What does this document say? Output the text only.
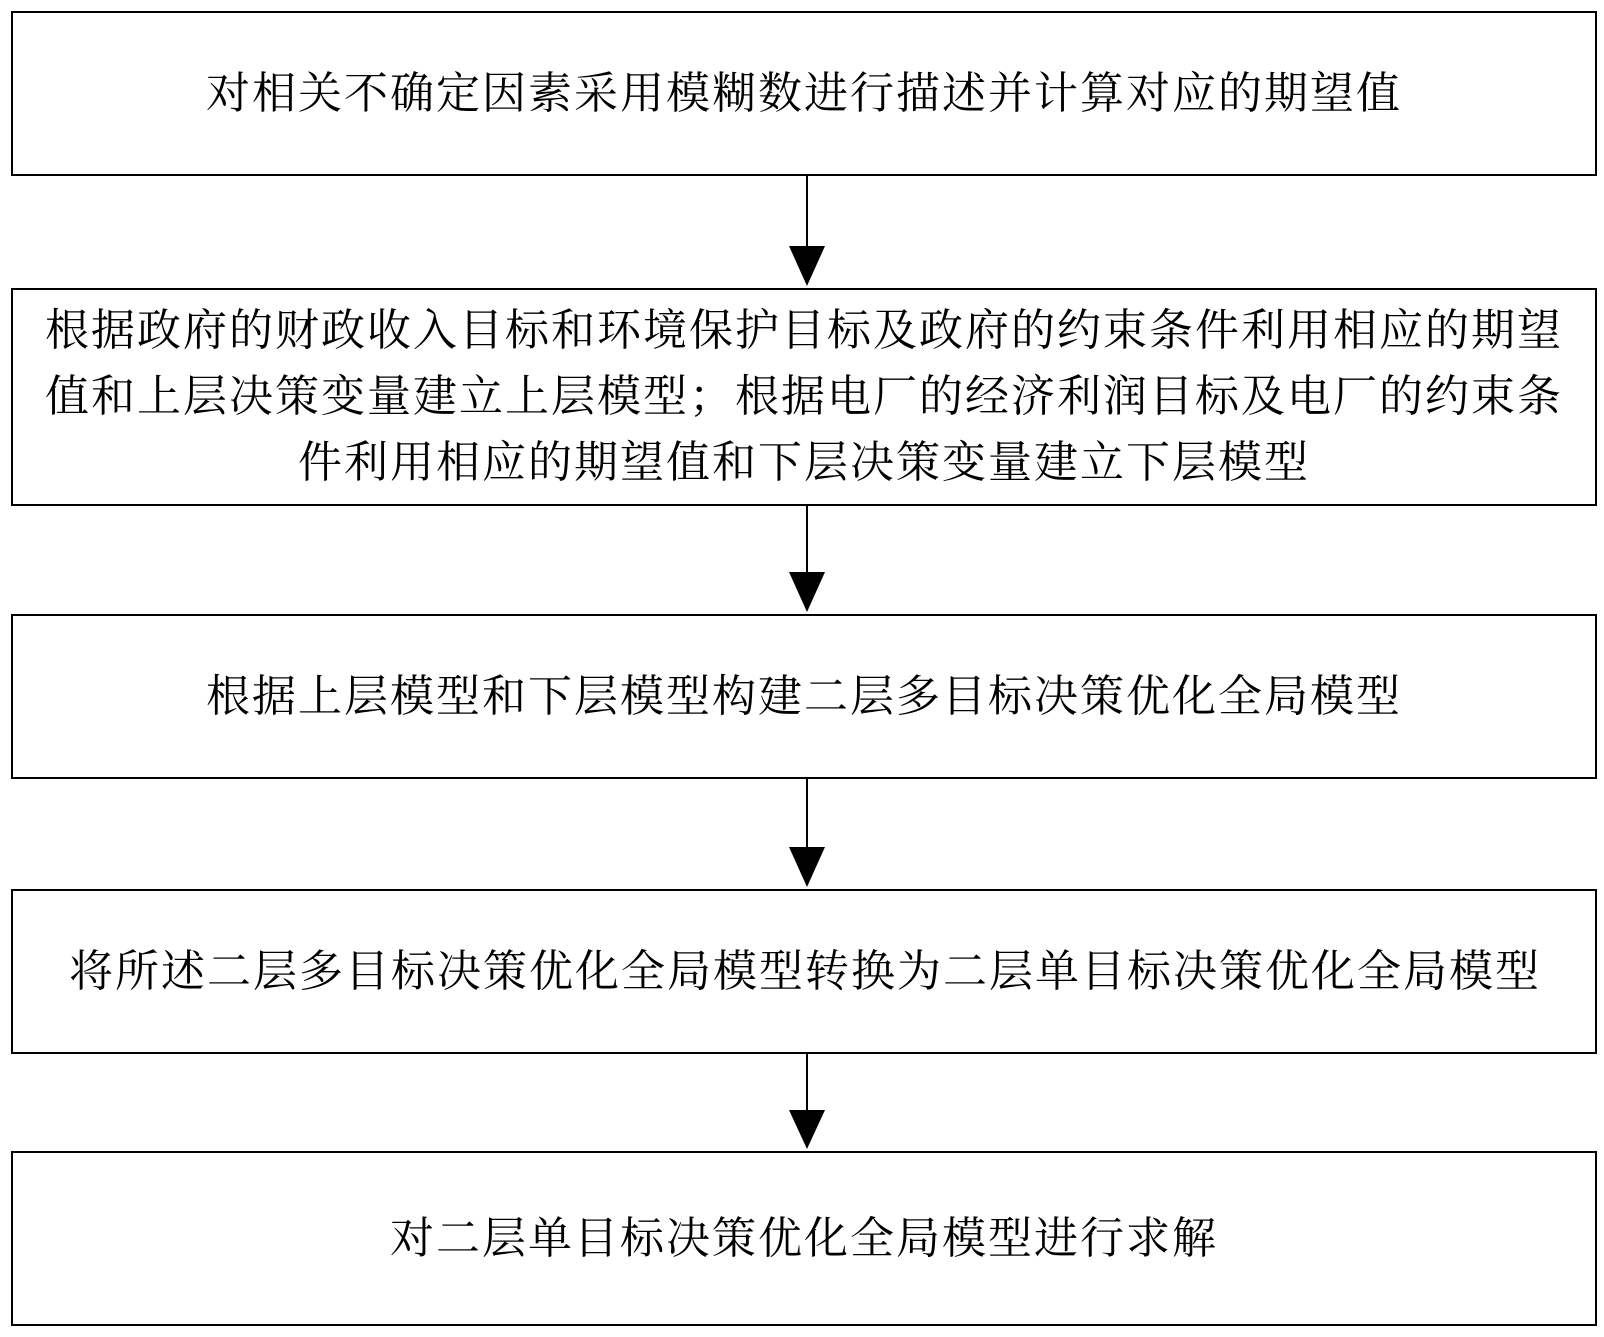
对相关不确定因素采用模糊数进行描述并计算对应的期望值
根据政府的财政收入目标和环境保护目标及政府的约束条件利用相应的期望值和上层决策变量建立上层模型；根据电厂的经济利润目标及电厂的约束条件利用相应的期望值和下层决策变量建立下层模型
根据上层模型和下层模型构建二层多目标决策优化全局模型
　将所述二层多目标决策优化全局模型转换为二层单目标决策优化全局模型
对二层单目标决策优化全局模型进行求解
